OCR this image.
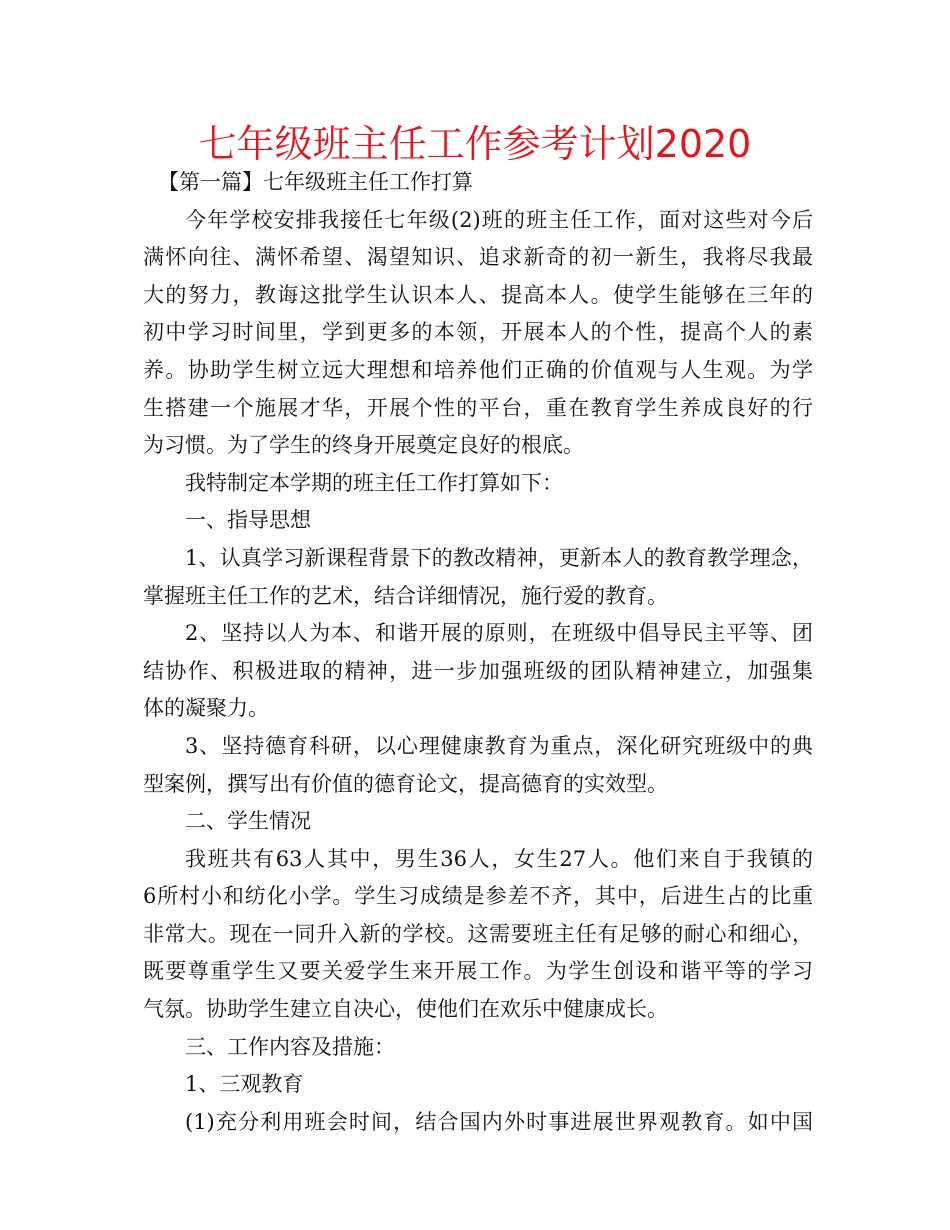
七年级班主任工作参考计划2020
【第一篇】七年级班主任工作打算
今年学校安排我接任七年级(2)班的班主任工作，面对这些对今后
满怀向往、满怀希望、渴望知识、追求新奇的初一新生，我将尽我最
大的努力，教诲这批学生认识本人、提高本人。使学生能够在三年的
初中学习时间里，学到更多的本领，开展本人的个性，提高个人的素
养。协助学生树立远大理想和培养他们正确的价值观与人生观。为学
生搭建一个施展才华，开展个性的平台，重在教育学生养成良好的行
为习惯。为了学生的终身开展奠定良好的根底。
我特制定本学期的班主任工作打算如下：
一、指导思想
1、认真学习新课程背景下的教改精神，更新本人的教育教学理念，
掌握班主任工作的艺术，结合详细情况，施行爱的教育。
2、坚持以人为本、和谐开展的原则，在班级中倡导民主平等、团
结协作、积极进取的精神，进一步加强班级的团队精神建立，加强集
体的凝聚力。
3、坚持德育科研，以心理健康教育为重点，深化研究班级中的典
型案例，撰写出有价值的德育论文，提高德育的实效型。
二、学生情况
我班共有63人其中，男生36人，女生27人。他们来自于我镇的
6所村小和纺化小学。学生习成绩是参差不齐，其中，后进生占的比重
非常大。现在一同升入新的学校。这需要班主任有足够的耐心和细心，
既要尊重学生又要关爱学生来开展工作。为学生创设和谐平等的学习
气氛。协助学生建立自决心，使他们在欢乐中健康成长。
三、工作内容及措施：
1、三观教育
(1)充分利用班会时间，结合国内外时事进展世界观教育。如中国
